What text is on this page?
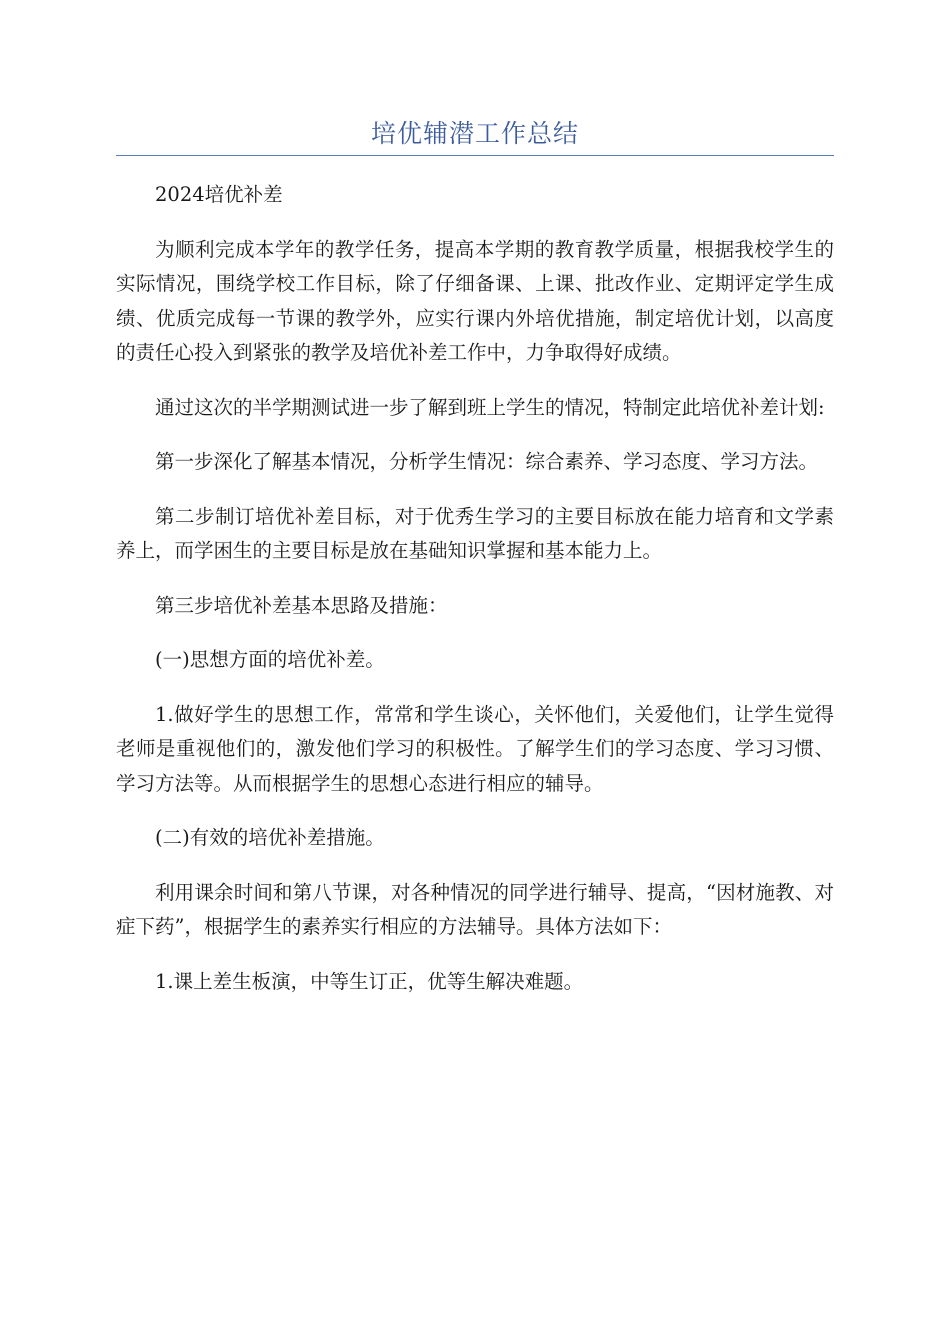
培优辅潜工作总结

2024培优补差

为顺利完成本学年的教学任务，提高本学期的教育教学质量，根据我校学生的实际情况，围绕学校工作目标，除了仔细备课、上课、批改作业、定期评定学生成绩、优质完成每一节课的教学外，应实行课内外培优措施，制定培优计划，以高度的责任心投入到紧张的教学及培优补差工作中，力争取得好成绩。

通过这次的半学期测试进一步了解到班上学生的情况，特制定此培优补差计划:

第一步深化了解基本情况，分析学生情况：综合素养、学习态度、学习方法。

第二步制订培优补差目标，对于优秀生学习的主要目标放在能力培育和文学素养上，而学困生的主要目标是放在基础知识掌握和基本能力上。

第三步培优补差基本思路及措施：

(一)思想方面的培优补差。

1.做好学生的思想工作，常常和学生谈心，关怀他们，关爱他们，让学生觉得老师是重视他们的，激发他们学习的积极性。了解学生们的学习态度、学习习惯、学习方法等。从而根据学生的思想心态进行相应的辅导。

(二)有效的培优补差措施。

利用课余时间和第八节课，对各种情况的同学进行辅导、提高，“因材施教、对症下药”，根据学生的素养实行相应的方法辅导。具体方法如下：

1.课上差生板演，中等生订正，优等生解决难题。
